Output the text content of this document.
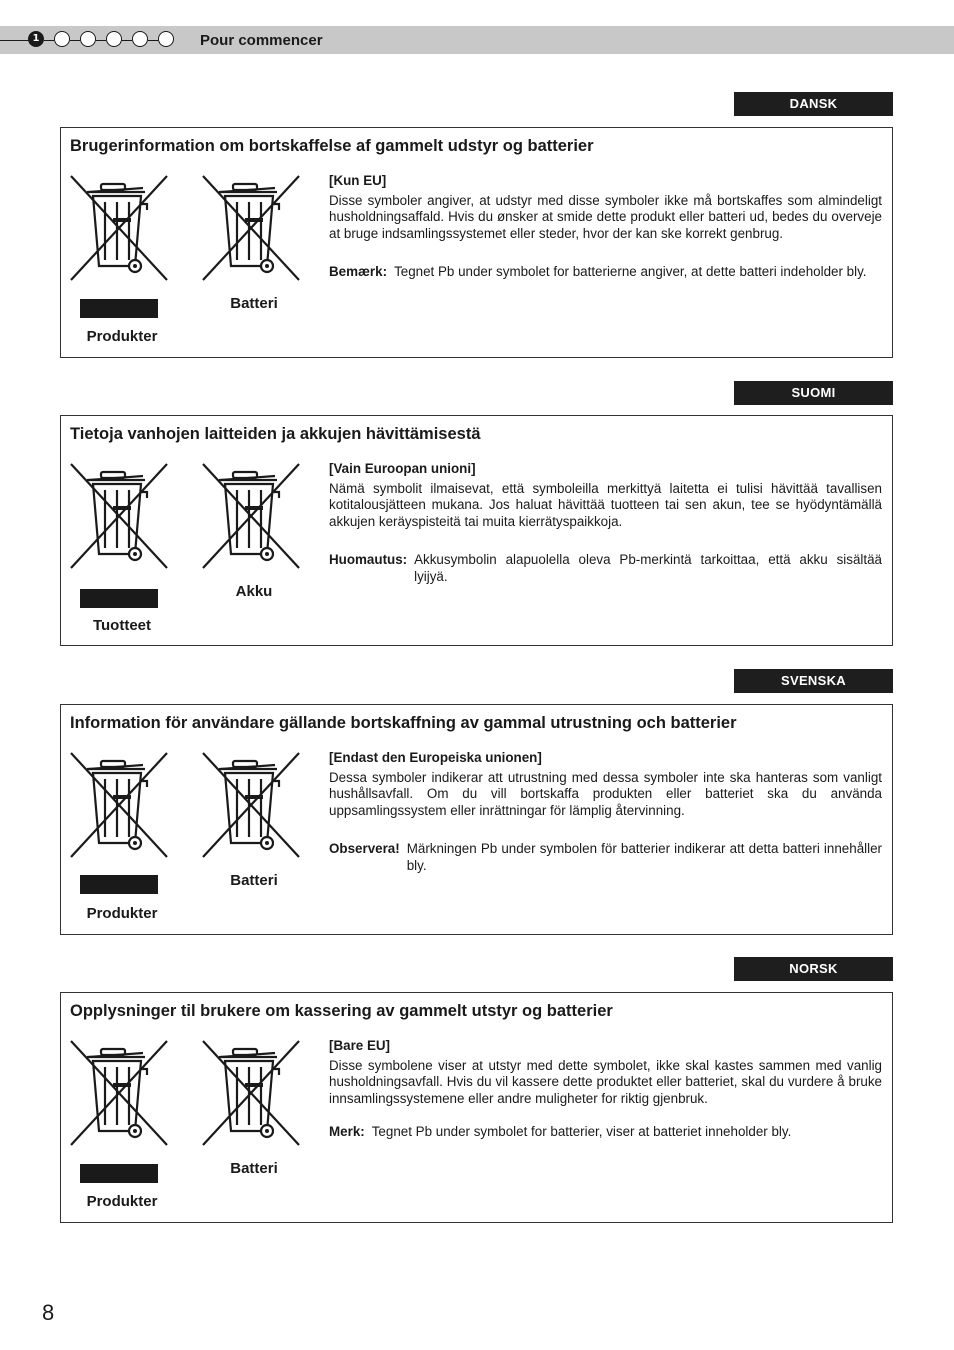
1	Pour commencer
DANSK
Brugerinformation om bortskaffelse af gammelt udstyr og batterier
Batteri
Produkter
[Kun EU]
Disse symboler angiver, at udstyr med disse symboler ikke må bortskaffes som almindeligt husholdningsaffald. Hvis du ønsker at smide dette produkt eller batteri ud, bedes du overveje at bruge indsamlingssystemet eller steder, hvor der kan ske korrekt genbrug.
Bemærk: Tegnet Pb under symbolet for batterierne angiver, at dette batteri indeholder bly.
SUOMI
Tietoja vanhojen laitteiden ja akkujen hävittämisestä
Akku
Tuotteet
[Vain Euroopan unioni]
Nämä symbolit ilmaisevat, että symboleilla merkittyä laitetta ei tulisi hävittää tavallisen kotitalousjätteen mukana. Jos haluat hävittää tuotteen tai sen akun, tee se hyödyntämällä akkujen keräyspisteitä tai muita kierrätyspaikkoja.
Huomautus: Akkusymbolin alapuolella oleva Pb-merkintä tarkoittaa, että akku sisältää lyijyä.
SVENSKA
Information för användare gällande bortskaffning av gammal utrustning och batterier
Batteri
Produkter
[Endast den Europeiska unionen]
Dessa symboler indikerar att utrustning med dessa symboler inte ska hanteras som vanligt hushållsavfall. Om du vill bortskaffa produkten eller batteriet ska du använda uppsamlingssystem eller inrättningar för lämplig återvinning.
Observera! Märkningen Pb under symbolen för batterier indikerar att detta batteri innehåller bly.
NORSK
Opplysninger til brukere om kassering av gammelt utstyr og batterier
Batteri
Produkter
[Bare EU]
Disse symbolene viser at utstyr med dette symbolet, ikke skal kastes sammen med vanlig husholdningsavfall. Hvis du vil kassere dette produktet eller batteriet, skal du vurdere å bruke innsamlingssystemene eller andre muligheter for riktig gjenbruk.
Merk: Tegnet Pb under symbolet for batterier, viser at batteriet inneholder bly.
8
